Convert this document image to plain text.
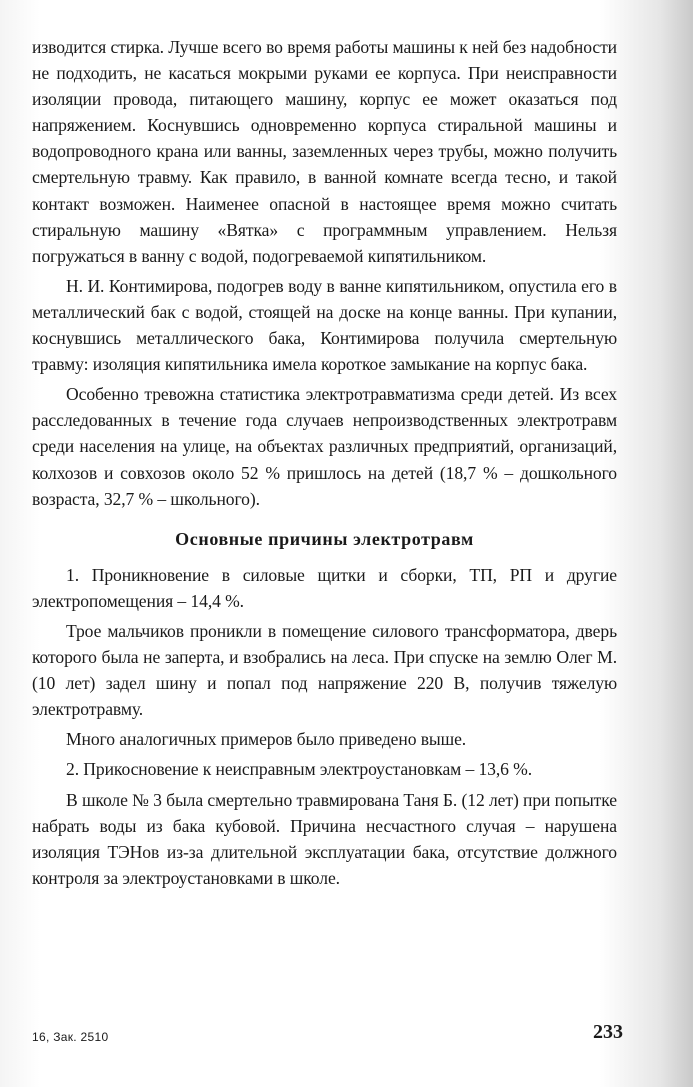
изводится стирка. Лучше всего во время работы машины к ней без надобности не подходить, не касаться мокрыми руками ее корпуса. При неисправности изоляции провода, питающего машину, корпус ее может оказаться под напряжением. Коснувшись одновременно корпуса стиральной машины и водопроводного крана или ванны, заземленных через трубы, можно получить смертельную травму. Как правило, в ванной комнате всегда тесно, и такой контакт возможен. Наименее опасной в настоящее время можно считать стиральную машину «Вятка» с программным управлением. Нельзя погружаться в ванну с водой, подогреваемой кипятильником.

Н. И. Контимирова, подогрев воду в ванне кипятильником, опустила его в металлический бак с водой, стоящей на доске на конце ванны. При купании, коснувшись металлического бака, Контимирова получила смертельную травму: изоляция кипятильника имела короткое замыкание на корпус бака.

Особенно тревожна статистика электротравматизма среди детей. Из всех расследованных в течение года случаев непроизводственных электротравм среди населения на улице, на объектах различных предприятий, организаций, колхозов и совхозов около 52 % пришлось на детей (18,7 % – дошкольного возраста, 32,7 % – школьного).

Основные причины электротравм

1. Проникновение в силовые щитки и сборки, ТП, РП и другие электропомещения – 14,4 %.

Трое мальчиков проникли в помещение силового трансформатора, дверь которого была не заперта, и взобрались на леса. При спуске на землю Олег М. (10 лет) задел шину и попал под напряжение 220 В, получив тяжелую электротравму.

Много аналогичных примеров было приведено выше.

2. Прикосновение к неисправным электроустановкам – 13,6 %.

В школе № 3 была смертельно травмирована Таня Б. (12 лет) при попытке набрать воды из бака кубовой. Причина несчастного случая – нарушена изоляция ТЭНов из-за длительной эксплуатации бака, отсутствие должного контроля за электроустановками в школе.

16, Зак. 2510	233
